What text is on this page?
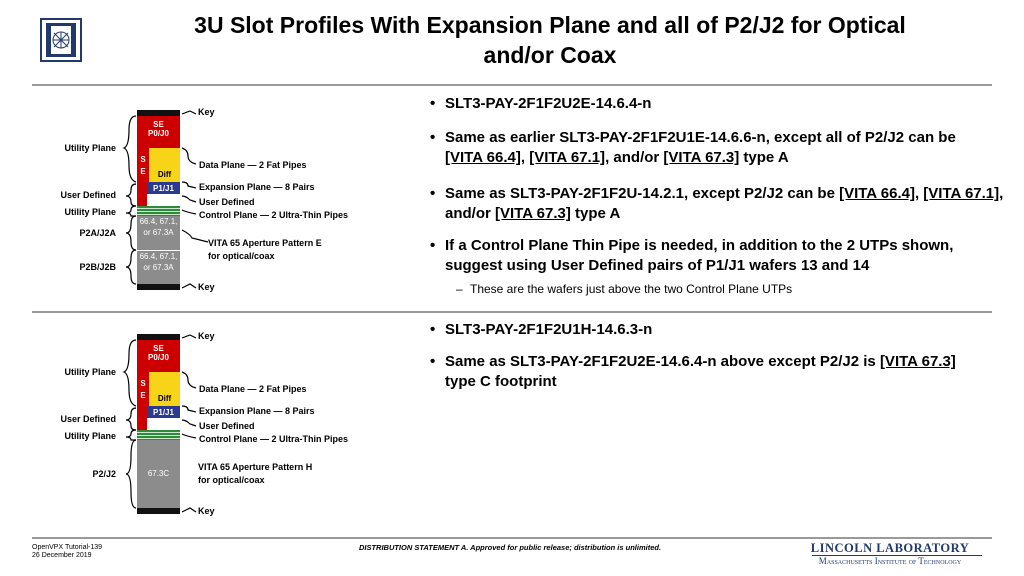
3U Slot Profiles With Expansion Plane and all of P2/J2 for Optical
and/or Coax
SE
P0/J0
S
E	Diff
P1/J1
66.4, 67.1, or 67.3A
66.4, 67.1, or 67.3A
Utility Plane
User Defined
Utility Plane
P2A/J2A
P2B/J2B
Key
Data Plane — 2 Fat Pipes
Expansion Plane — 8 Pairs
User Defined
Control Plane — 2 Ultra-Thin Pipes
VITA 65 Aperture Pattern E
for optical/coax
Key
• SLT3-PAY-2F1F2U2E-14.6.4-n
• Same as earlier SLT3-PAY-2F1F2U1E-14.6.6-n, except all of P2/J2 can be [VITA 66.4], [VITA 67.1], and/or [VITA 67.3] type A
• Same as SLT3-PAY-2F1F2U-14.2.1, except P2/J2 can be [VITA 66.4], [VITA 67.1], and/or [VITA 67.3] type A
• If a Control Plane Thin Pipe is needed, in addition to the 2 UTPs shown, suggest using User Defined pairs of P1/J1 wafers 13 and 14
– These are the wafers just above the two Control Plane UTPs
SE
P0/J0
S
E	Diff
P1/J1
67.3C
Utility Plane
User Defined
Utility Plane
P2/J2
Key
Data Plane — 2 Fat Pipes
Expansion Plane — 8 Pairs
User Defined
Control Plane — 2 Ultra-Thin Pipes
VITA 65 Aperture Pattern H
for optical/coax
Key
• SLT3-PAY-2F1F2U1H-14.6.3-n
• Same as SLT3-PAY-2F1F2U2E-14.6.4-n above except P2/J2 is [VITA 67.3] type C footprint
OpenVPX Tutorial-139
26 December 2019
DISTRIBUTION STATEMENT A. Approved for public release; distribution is unlimited.	LINCOLN LABORATORY
Massachusetts Institute of Technology
